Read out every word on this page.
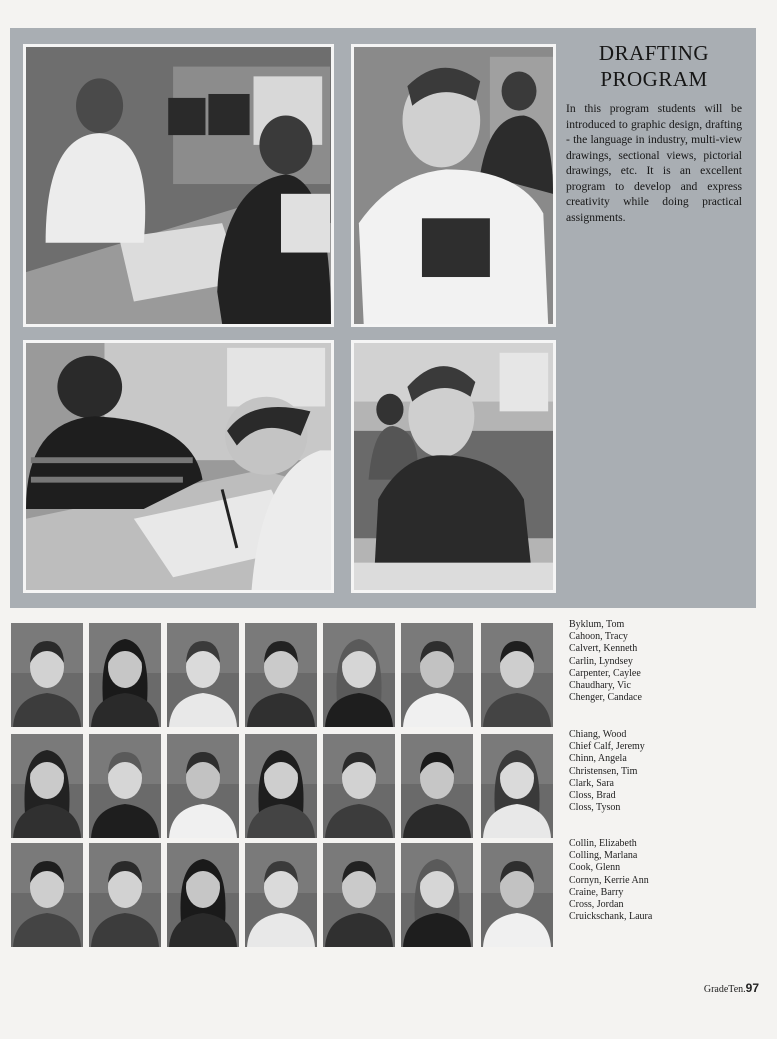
DRAFTING
PROGRAM
In this program students will be introduced to graphic design, drafting - the language in industry, multi-view drawings, sectional views, pictorial drawings, etc. It is an excellent program to develop and express creativity while doing practical assignments.
Byklum, Tom
Cahoon, Tracy
Calvert, Kenneth
Carlin, Lyndsey
Carpenter, Caylee
Chaudhary, Vic
Chenger, Candace
Chiang, Wood
Chief Calf, Jeremy
Chinn, Angela
Christensen, Tim
Clark, Sara
Closs, Brad
Closs, Tyson
Collin, Elizabeth
Colling, Marlana
Cook, Glenn
Cornyn, Kerrie Ann
Craine, Barry
Cross, Jordan
Cruickschank, Laura
GradeTen.97
